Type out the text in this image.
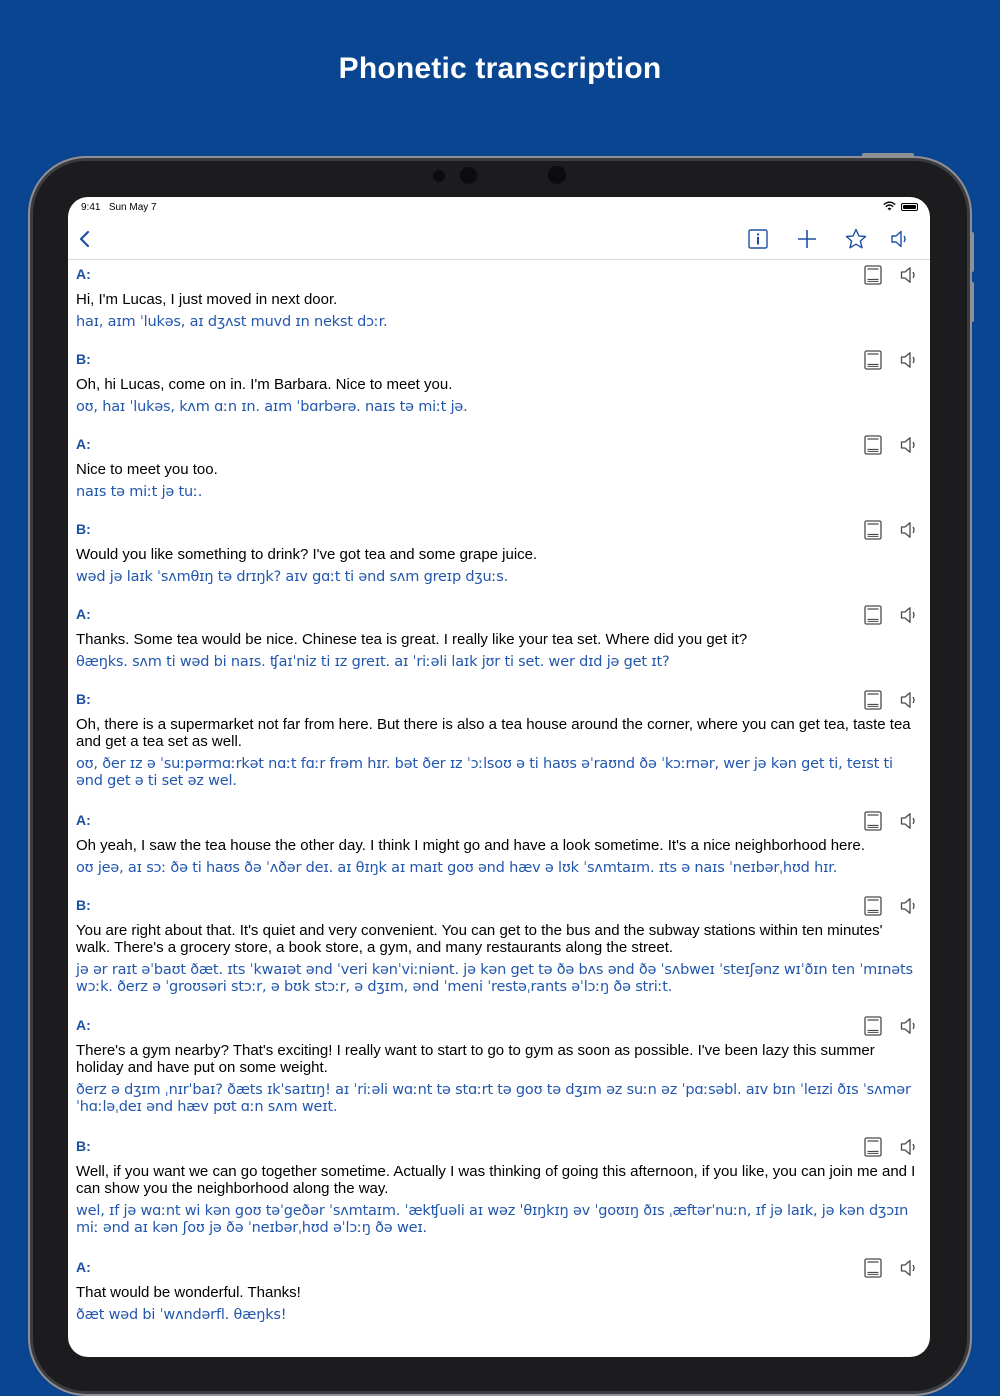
Phonetic transcription
9:41 Sun May 7
A:
Hi, I'm Lucas, I just moved in next door.
haɪ, aɪm ˈlukəs, aɪ dʒʌst muvd ɪn nekst dɔːr.
B:
Oh, hi Lucas, come on in. I'm Barbara. Nice to meet you.
oʊ, haɪ ˈlukəs, kʌm ɑːn ɪn. aɪm ˈbɑrbərə. naɪs tə miːt jə.
A:
Nice to meet you too.
naɪs tə miːt jə tuː.
B:
Would you like something to drink? I've got tea and some grape juice.
wəd jə laɪk ˈsʌmθɪŋ tə drɪŋk? aɪv gɑːt ti ənd sʌm greɪp dʒuːs.
A:
Thanks. Some tea would be nice. Chinese tea is great. I really like your tea set. Where did you get it?
θæŋks. sʌm ti wəd bi naɪs. ʧaɪˈniz ti ɪz greɪt. aɪ ˈriːəli laɪk jʊr ti set. wer dɪd jə get ɪt?
B:
Oh, there is a supermarket not far from here. But there is also a tea house around the corner, where you can get tea, taste tea and get a tea set as well.
oʊ, ðer ɪz ə ˈsuːpərmɑːrkət nɑːt fɑːr frəm hɪr. bət ðer ɪz ˈɔːlsoʊ ə ti haʊs əˈraʊnd ðə ˈkɔːrnər, wer jə kən get ti, teɪst ti ənd get ə ti set əz wel.
A:
Oh yeah, I saw the tea house the other day. I think I might go and have a look sometime. It's a nice neighborhood here.
oʊ jeə, aɪ sɔː ðə ti haʊs ðə ˈʌðər deɪ. aɪ θɪŋk aɪ maɪt goʊ ənd hæv ə lʊk ˈsʌmtaɪm. ɪts ə naɪs ˈneɪbərˌhʊd hɪr.
B:
You are right about that. It's quiet and very convenient. You can get to the bus and the subway stations within ten minutes' walk. There's a grocery store, a book store, a gym, and many restaurants along the street.
jə ər raɪt əˈbaʊt ðæt. ɪts ˈkwaɪət ənd ˈveri kənˈviːniənt. jə kən get tə ðə bʌs ənd ðə ˈsʌbweɪ ˈsteɪʃənz wɪˈðɪn ten ˈmɪnəts wɔːk. ðerz ə ˈgroʊsəri stɔːr, ə bʊk stɔːr, ə dʒɪm, ənd ˈmeni ˈrestəˌrants əˈlɔːŋ ðə striːt.
A:
There's a gym nearby? That's exciting! I really want to start to go to gym as soon as possible. I've been lazy this summer holiday and have put on some weight.
ðerz ə dʒɪm ˌnɪrˈbaɪ? ðæts ɪkˈsaɪtɪŋ! aɪ ˈriːəli wɑːnt tə stɑːrt tə goʊ tə dʒɪm əz suːn əz ˈpɑːsəbl. aɪv bɪn ˈleɪzi ðɪs ˈsʌmər ˈhɑːləˌdeɪ ənd hæv pʊt ɑːn sʌm weɪt.
B:
Well, if you want we can go together sometime. Actually I was thinking of going this afternoon, if you like, you can join me and I can show you the neighborhood along the way.
wel, ɪf jə wɑːnt wi kən goʊ təˈgeðər ˈsʌmtaɪm. ˈækʧuəli aɪ wəz ˈθɪŋkɪŋ əv ˈgoʊɪŋ ðɪs ˌæftərˈnuːn, ɪf jə laɪk, jə kən dʒɔɪn miː ənd aɪ kən ʃoʊ jə ðə ˈneɪbərˌhʊd əˈlɔːŋ ðə weɪ.
A:
That would be wonderful. Thanks!
ðæt wəd bi ˈwʌndərfl. θæŋks!
